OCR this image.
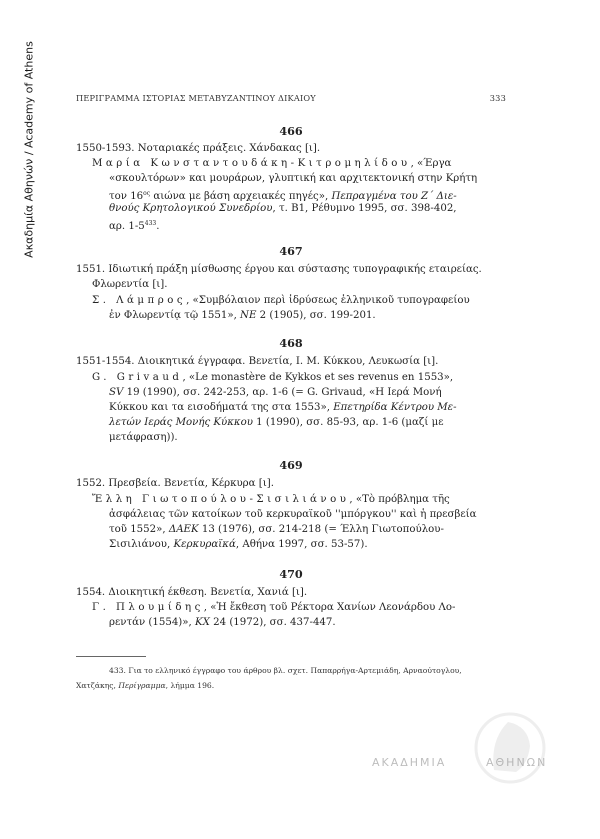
Ακαδημία Αθηνών / Academy of Athens	ΠΕΡΙΓΡΑΜΜΑ ΙΣΤΟΡΙΑΣ ΜΕΤΑΒΥΖΑΝΤΙΝΟΥ ΔΙΚΑΙΟΥ	333
466
1550-1593. Νοταριακές πράξεις. Χάνδακας [ι].
Μαρία Κωνσταντουδάκη-Κιτρομηλίδου, «Έργα
«σκουλτόρων» και μουράρων, γλυπτική και αρχιτεκτονική στην Κρήτη
τον $16^{o\varsigma}$ αιώνα με βάση αρχειακές πηγές», Πεπραγμένα του Ζ΄ Διε-
θνούς Κρητολογικού Συνεδρίου, τ. Β1, Ρέθυμνο 1995, σσ. 398-402,
αρ. $1-5^{433}$.
467
1551. Ιδιωτική πράξη μίσθωσης έργου και σύστασης τυπογραφικής εταιρείας.
Φλωρεντία [ι].
Σ. Λάμπρος, «Συμβόλαιον περὶ ἱδρύσεως ἑλληνικοῦ τυπογραφείου
ἐν Φλωρεντίᾳ τῷ 1551», ΝΕ 2 (1905), σσ. 199-201.
468
1551-1554. Διοικητικά έγγραφα. Βενετία, Ι. Μ. Κύκκου, Λευκωσία [ι].
G. Grivaud, «Le monastère de Kykkos et ses revenus en 1553»,
SV 19 (1990), σσ. 242-253, αρ. 1-6 (= G. Grivaud, «Η Ιερά Μονή
Κύκκου και τα εισοδήματά της στα 1553», Επετηρίδα Κέντρου Με-
λετών Ιεράς Μονής Κύκκου 1 (1990), σσ. 85-93, αρ. 1-6 (μαζί με
μετάφραση)).
469
1552. Πρεσβεία. Βενετία, Κέρκυρα [ι].
Ἔλλη Γιωτοπούλου-Σισιλιάνου, «Τὸ πρόβλημα τῆς
ἀσφάλειας τῶν κατοίκων τοῦ κερκυραϊκοῦ ''μπόργκου'' καὶ ἡ πρεσβεία
τοῦ 1552», ΔΑΕΚ 13 (1976), σσ. 214-218 (= Έλλη Γιωτοπούλου-
Σισιλιάνου, Κερκυραϊκά, Αθήνα 1997, σσ. 53-57).
470
1554. Διοικητική έκθεση. Βενετία, Χανιά [ι].
Γ. Πλουμίδης, «Ἡ ἔκθεση τοῦ Ρέκτορα Χανίων Λεονάρδου Λο-
ρεντάν (1554)», ΚΧ 24 (1972), σσ. 437-447.
433. Για το ελληνικό έγγραφο του άρθρου βλ. σχετ. Παπαρρήγα-Αρτεμιάδη, Αρναούτογλου,
Χατζάκης, Περίγραμμα, λήμμα 196.
ΑΚΑΔΗΜΙΑ	ΑΘΗΝΩΝ
